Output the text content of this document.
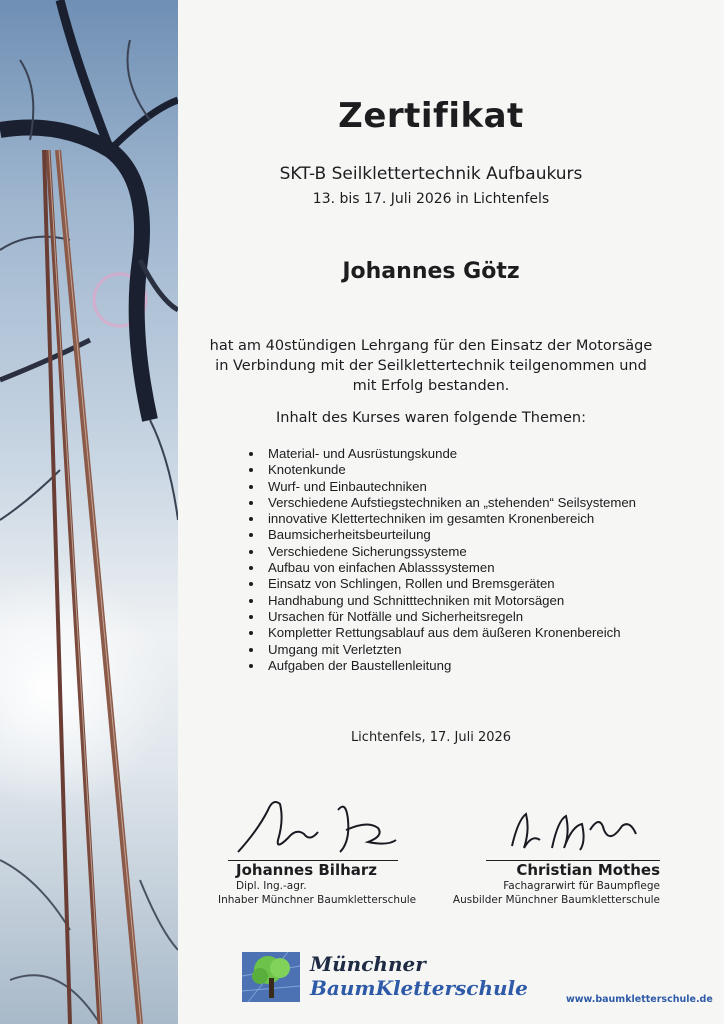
Zertifikat
SKT-B Seilklettertechnik Aufbaukurs
13. bis 17. Juli 2026 in Lichtenfels
Johannes Götz
hat am 40stündigen Lehrgang für den Einsatz der Motorsäge in Verbindung mit der Seilklettertechnik teilgenommen und mit Erfolg bestanden.
Inhalt des Kurses waren folgende Themen:
• Material- und Ausrüstungskunde
• Knotenkunde
• Wurf- und Einbautechniken
• Verschiedene Aufstiegstechniken an „stehenden“ Seilsystemen
• innovative Klettertechniken im gesamten Kronenbereich
• Baumsicherheitsbeurteilung
• Verschiedene Sicherungssysteme
• Aufbau von einfachen Ablasssystemen
• Einsatz von Schlingen, Rollen und Bremsgeräten
• Handhabung und Schnitttechniken mit Motorsägen
• Ursachen für Notfälle und Sicherheitsregeln
• Kompletter Rettungsablauf aus dem äußeren Kronenbereich
• Umgang mit Verletzten
• Aufgaben der Baustellenleitung
Lichtenfels, 17. Juli 2026
Johannes Bilharz
Dipl. Ing.-agr.
Inhaber Münchner Baumkletterschule
Christian Mothes
Fachagrarwirt für Baumpflege
Ausbilder Münchner Baumkletterschule
Münchner
BaumKletterschule	www.baumkletterschule.de
